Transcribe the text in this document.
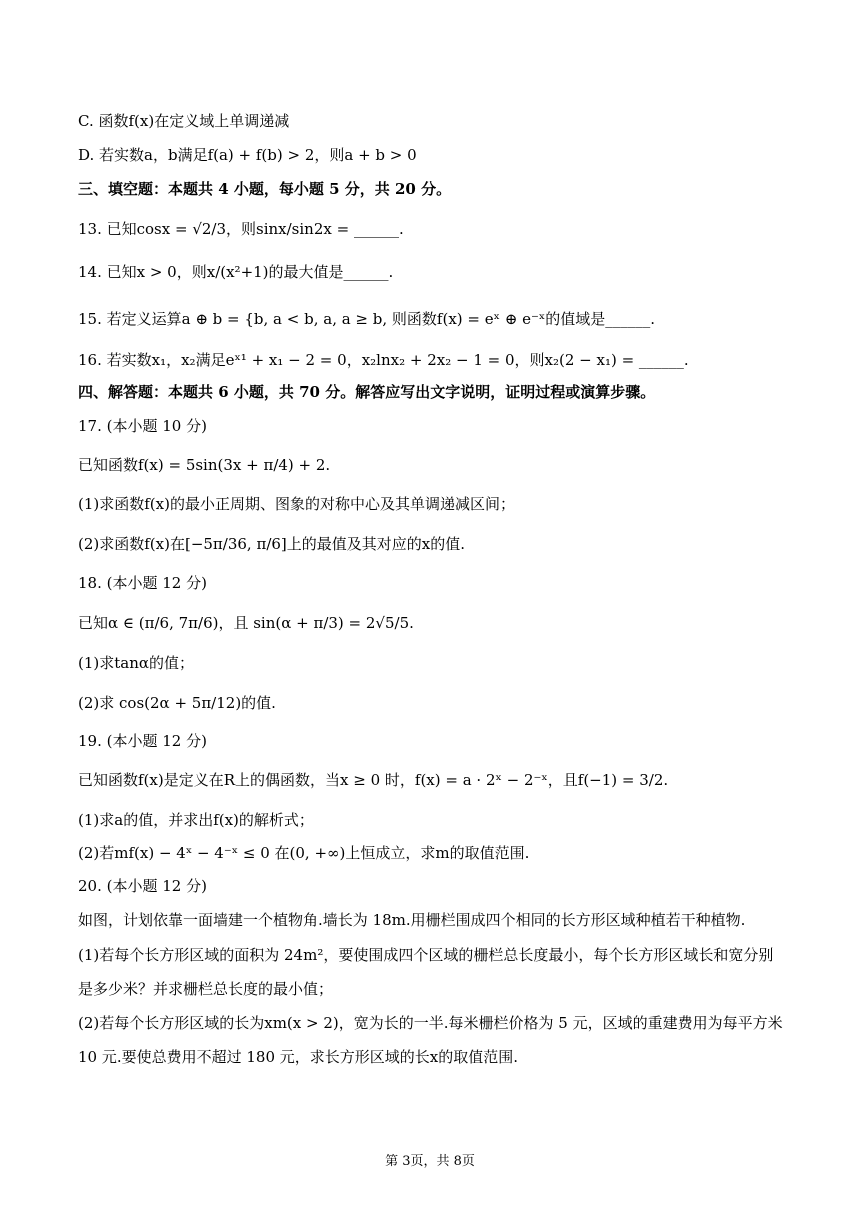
C. 函数f(x)在定义域上单调递减
D. 若实数a，b满足f(a) + f(b) > 2，则a + b > 0
三、填空题：本题共 4 小题，每小题 5 分，共 20 分。
13. 已知cosx = √2/3，则sinx/sin2x = ______.
14. 已知x > 0，则x/(x²+1)的最大值是______.
15. 若定义运算a ⊕ b = {b, a < b, a, a ≥ b, 则函数f(x) = eˣ ⊕ e⁻ˣ的值域是______.
16. 若实数x₁，x₂满足eˣ¹ + x₁ − 2 = 0，x₂lnx₂ + 2x₂ − 1 = 0，则x₂(2 − x₁) = ______.
四、解答题：本题共 6 小题，共 70 分。解答应写出文字说明，证明过程或演算步骤。
17. (本小题 10 分)
已知函数f(x) = 5sin(3x + π/4) + 2.
(1)求函数f(x)的最小正周期、图象的对称中心及其单调递减区间；
(2)求函数f(x)在[−5π/36, π/6]上的最值及其对应的x的值.
18. (本小题 12 分)
已知α ∈ (π/6, 7π/6)，且 sin(α + π/3) = 2√5/5.
(1)求tanα的值；
(2)求 cos(2α + 5π/12)的值.
19. (本小题 12 分)
已知函数f(x)是定义在R上的偶函数，当x ≥ 0 时，f(x) = a · 2ˣ − 2⁻ˣ，且f(−1) = 3/2.
(1)求a的值，并求出f(x)的解析式；
(2)若mf(x) − 4ˣ − 4⁻ˣ ≤ 0 在(0, +∞)上恒成立，求m的取值范围.
20. (本小题 12 分)
如图，计划依靠一面墙建一个植物角.墙长为 18m.用栅栏围成四个相同的长方形区域种植若干种植物.
(1)若每个长方形区域的面积为 24m²，要使围成四个区域的栅栏总长度最小，每个长方形区域长和宽分别
是多少米？并求栅栏总长度的最小值；
(2)若每个长方形区域的长为xm(x > 2)，宽为长的一半.每米栅栏价格为 5 元，区域的重建费用为每平方米
10 元.要使总费用不超过 180 元，求长方形区域的长x的取值范围.
第 3页，共 8页
